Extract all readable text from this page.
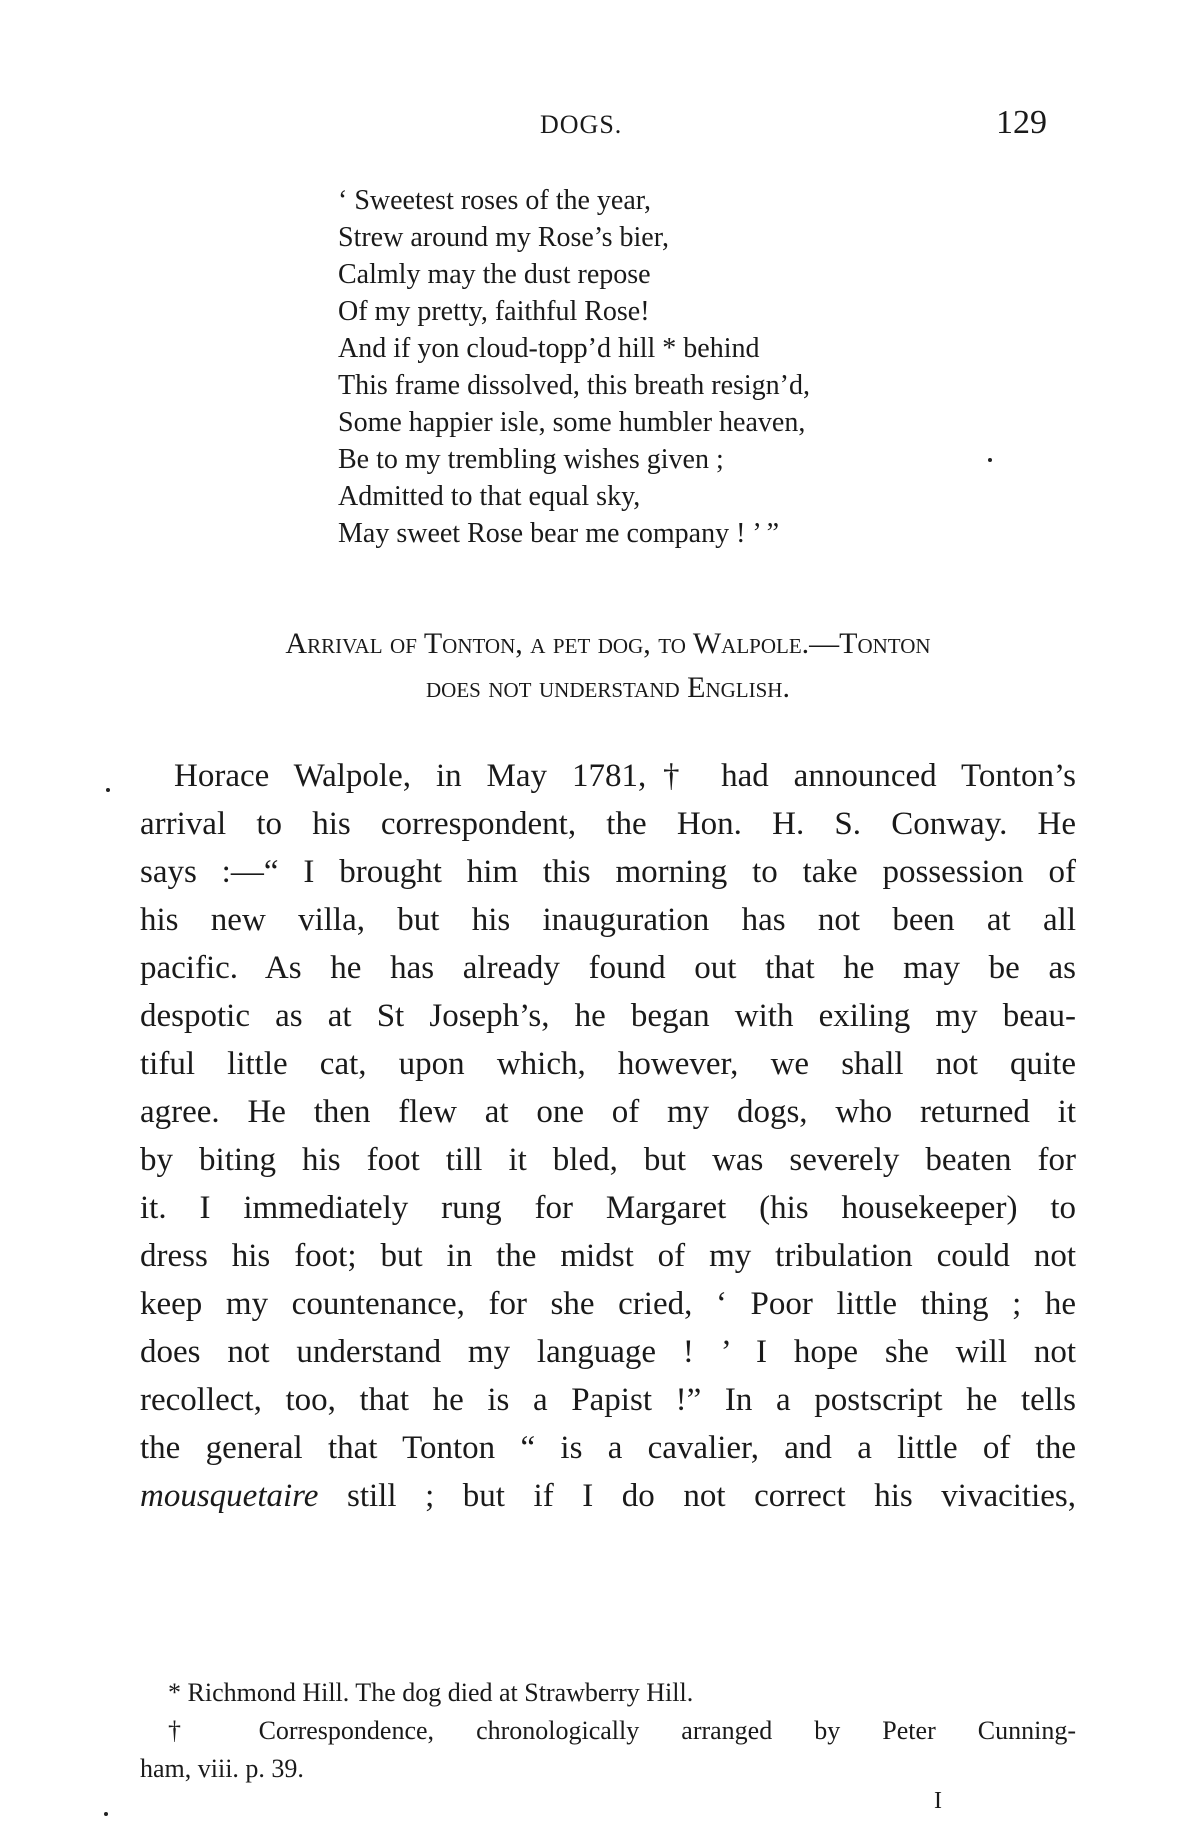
DOGS.	129
‘ Sweetest roses of the year,
Strew around my Rose’s bier,
Calmly may the dust repose
Of my pretty, faithful Rose!
And if yon cloud-topp’d hill * behind
This frame dissolved, this breath resign’d,
Some happier isle, some humbler heaven,
Be to my trembling wishes given ;
Admitted to that equal sky,
May sweet Rose bear me company ! ’ ”
Arrival of Tonton, a pet dog, to Walpole.—Tonton
does not understand English.
Horace Walpole, in May 1781,† had announced Tonton’s
arrival to his correspondent, the Hon. H. S. Conway. He
says :—“ I brought him this morning to take possession of
his new villa, but his inauguration has not been at all
pacific. As he has already found out that he may be as
despotic as at St Joseph’s, he began with exiling my beau-
tiful little cat, upon which, however, we shall not quite
agree. He then flew at one of my dogs, who returned it
by biting his foot till it bled, but was severely beaten for
it. I immediately rung for Margaret (his housekeeper) to
dress his foot; but in the midst of my tribulation could not
keep my countenance, for she cried, ‘ Poor little thing ; he
does not understand my language ! ’ I hope she will not
recollect, too, that he is a Papist !” In a postscript he tells
the general that Tonton “ is a cavalier, and a little of the
mousquetaire still ; but if I do not correct his vivacities,
* Richmond Hill. The dog died at Strawberry Hill.
† Correspondence, chronologically arranged by Peter Cunning-
ham, viii. p. 39.
I
